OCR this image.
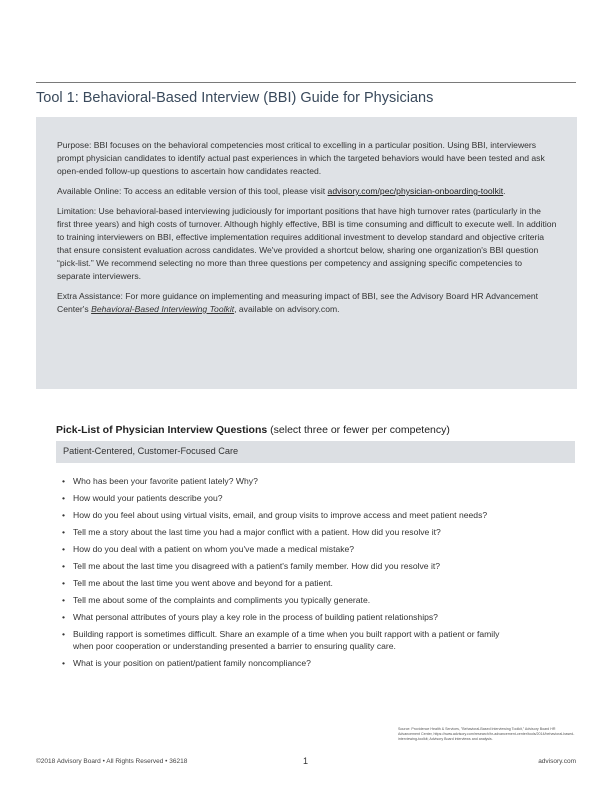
Tool 1: Behavioral-Based Interview (BBI) Guide for Physicians

Purpose: BBI focuses on the behavioral competencies most critical to excelling in a particular position. Using BBI, interviewers prompt physician candidates to identify actual past experiences in which the targeted behaviors would have been tested and ask open-ended follow-up questions to ascertain how candidates reacted.

Available Online: To access an editable version of this tool, please visit advisory.com/pec/physician-onboarding-toolkit.

Limitation: Use behavioral-based interviewing judiciously for important positions that have high turnover rates (particularly in the first three years) and high costs of turnover. Although highly effective, BBI is time consuming and difficult to execute well. In addition to training interviewers on BBI, effective implementation requires additional investment to develop standard and objective criteria that ensure consistent evaluation across candidates. We've provided a shortcut below, sharing one organization's BBI question “pick-list.” We recommend selecting no more than three questions per competency and assigning specific competencies to separate interviewers.

Extra Assistance: For more guidance on implementing and measuring impact of BBI, see the Advisory Board HR Advancement Center's Behavioral-Based Interviewing Toolkit, available on advisory.com.

Pick-List of Physician Interview Questions (select three or fewer per competency)
Patient-Centered, Customer-Focused Care
• Who has been your favorite patient lately? Why?
• How would your patients describe you?
• How do you feel about using virtual visits, email, and group visits to improve access and meet patient needs?
• Tell me a story about the last time you had a major conflict with a patient. How did you resolve it?
• How do you deal with a patient on whom you've made a medical mistake?
• Tell me about the last time you disagreed with a patient's family member. How did you resolve it?
• Tell me about the last time you went above and beyond for a patient.
• Tell me about some of the complaints and compliments you typically generate.
• What personal attributes of yours play a key role in the process of building patient relationships?
• Building rapport is sometimes difficult. Share an example of a time when you built rapport with a patient or family when poor cooperation or understanding presented a barrier to ensuring quality care.
• What is your position on patient/patient family noncompliance?
Source: Providence Health & Services, "Behavioral-Based Interviewing Toolkit," Advisory Board HR Advancement Center, https://www.advisory.com/research/hr-advancement-center/tools/2014/behavioral-based-interviewing-toolkit; Advisory Board interviews and analysis.
©2018 Advisory Board • All Rights Reserved • 36218	1	advisory.com
